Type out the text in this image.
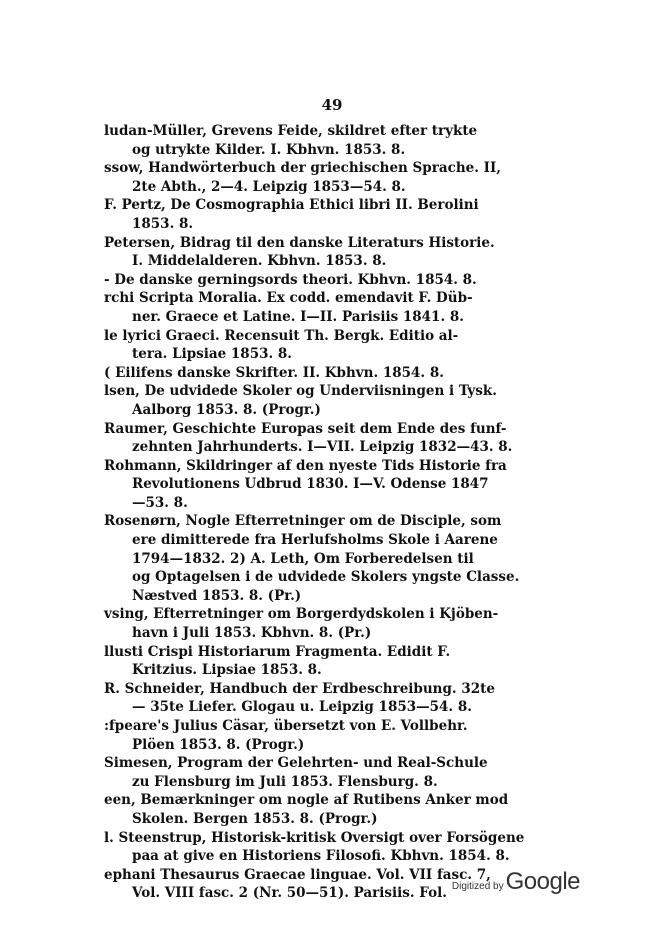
49
ludan-Müller, Grevens Feide, skildret efter trykte
og utrykte Kilder. I. Kbhvn. 1853. 8.
ssow, Handwörterbuch der griechischen Sprache. II,
2te Abth., 2—4. Leipzig 1853—54. 8.
F. Pertz, De Cosmographia Ethici libri II. Berolini
1853. 8.
Petersen, Bidrag til den danske Literaturs Historie.
I. Middelalderen. Kbhvn. 1853. 8.
- De danske gerningsords theori. Kbhvn. 1854. 8.
rchi Scripta Moralia. Ex codd. emendavit F. Düb-
ner. Graece et Latine. I—II. Parisiis 1841. 8.
le lyrici Graeci. Recensuit Th. Bergk. Editio al-
tera. Lipsiae 1853. 8.
( Eilifens danske Skrifter. II. Kbhvn. 1854. 8.
lsen, De udvidede Skoler og Underviisningen i Tysk.
Aalborg 1853. 8. (Progr.)
Raumer, Geschichte Europas seit dem Ende des funf-
zehnten Jahrhunderts. I—VII. Leipzig 1832—43. 8.
Rohmann, Skildringer af den nyeste Tids Historie fra
Revolutionens Udbrud 1830. I—V. Odense 1847
—53. 8.
Rosenørn, Nogle Efterretninger om de Disciple, som
ere dimitterede fra Herlufsholms Skole i Aarene
1794—1832. 2) A. Leth, Om Forberedelsen til
og Optagelsen i de udvidede Skolers yngste Classe.
Næstved 1853. 8. (Pr.)
vsing, Efterretninger om Borgerdydskolen i Kjöben-
havn i Juli 1853. Kbhvn. 8. (Pr.)
llusti Crispi Historiarum Fragmenta. Edidit F.
Kritzius. Lipsiae 1853. 8.
R. Schneider, Handbuch der Erdbeschreibung. 32te
— 35te Liefer. Glogau u. Leipzig 1853—54. 8.
:fpeare's Julius Cäsar, übersetzt von E. Vollbehr.
Plöen 1853. 8. (Progr.)
Simesen, Program der Gelehrten- und Real-Schule
zu Flensburg im Juli 1853. Flensburg. 8.
een, Bemærkninger om nogle af Rutibens Anker mod
Skolen. Bergen 1853. 8. (Progr.)
l. Steenstrup, Historisk-kritisk Oversigt over Forsögene
paa at give en Historiens Filosofi. Kbhvn. 1854. 8.
ephani Thesaurus Graecae linguae. Vol. VII fasc. 7,
Vol. VIII fasc. 2 (Nr. 50—51). Parisiis. Fol. Digitized by Google
